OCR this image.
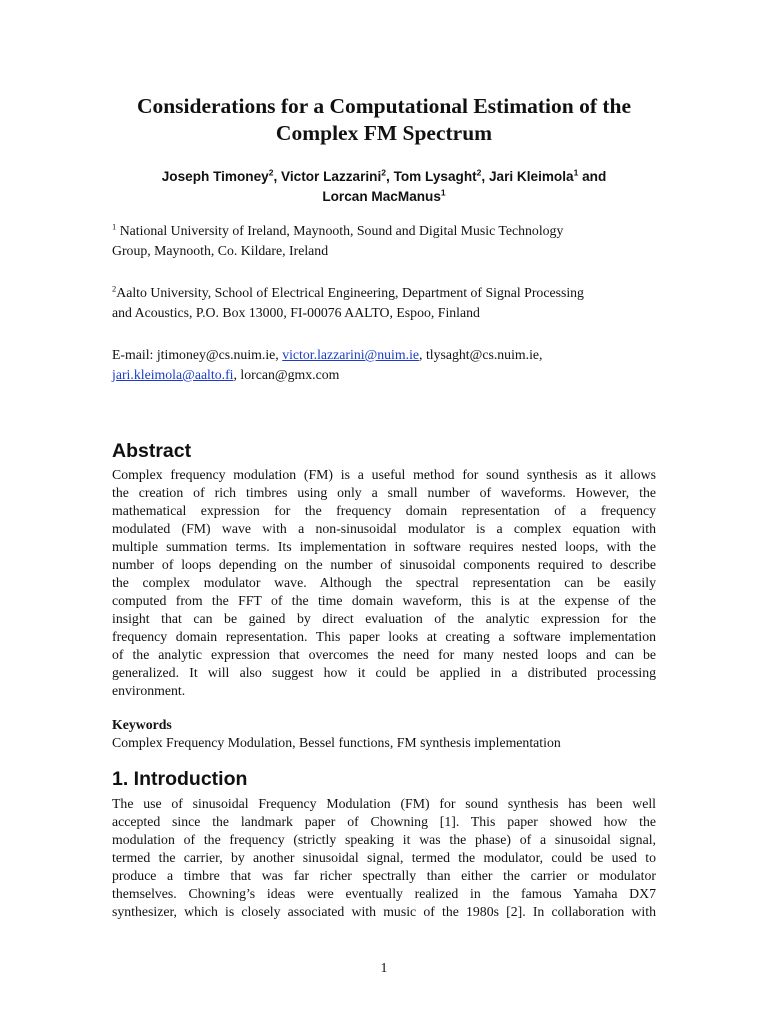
Considerations for a Computational Estimation of the
Complex FM Spectrum
Joseph Timoney$^2$, Victor Lazzarini$^2$, Tom Lysaght$^2$, Jari Kleimola$^1$ and
Lorcan MacManus$^1$
$^1$ National University of Ireland, Maynooth, Sound and Digital Music Technology
Group, Maynooth, Co. Kildare, Ireland
$^2$Aalto University, School of Electrical Engineering, Department of Signal Processing
and Acoustics, P.O. Box 13000, FI-00076 AALTO, Espoo, Finland
E-mail: jtimoney@cs.nuim.ie, victor.lazzarini@nuim.ie, tlysaght@cs.nuim.ie,
jari.kleimola@aalto.fi, lorcan@gmx.com
Abstract
Complex frequency modulation (FM) is a useful method for sound synthesis as it allows
the creation of rich timbres using only a small number of waveforms. However, the
mathematical expression for the frequency domain representation of a frequency
modulated (FM) wave with a non-sinusoidal modulator is a complex equation with
multiple summation terms. Its implementation in software requires nested loops, with the
number of loops depending on the number of sinusoidal components required to describe
the complex modulator wave. Although the spectral representation can be easily
computed from the FFT of the time domain waveform, this is at the expense of the
insight that can be gained by direct evaluation of the analytic expression for the
frequency domain representation. This paper looks at creating a software implementation
of the analytic expression that overcomes the need for many nested loops and can be
generalized. It will also suggest how it could be applied in a distributed processing
environment.
Keywords
Complex Frequency Modulation, Bessel functions, FM synthesis implementation
1. Introduction
The use of sinusoidal Frequency Modulation (FM) for sound synthesis has been well
accepted since the landmark paper of Chowning [1]. This paper showed how the
modulation of the frequency (strictly speaking it was the phase) of a sinusoidal signal,
termed the carrier, by another sinusoidal signal, termed the modulator, could be used to
produce a timbre that was far richer spectrally than either the carrier or modulator
themselves. Chowning’s ideas were eventually realized in the famous Yamaha DX7
synthesizer, which is closely associated with music of the 1980s [2]. In collaboration with
1
